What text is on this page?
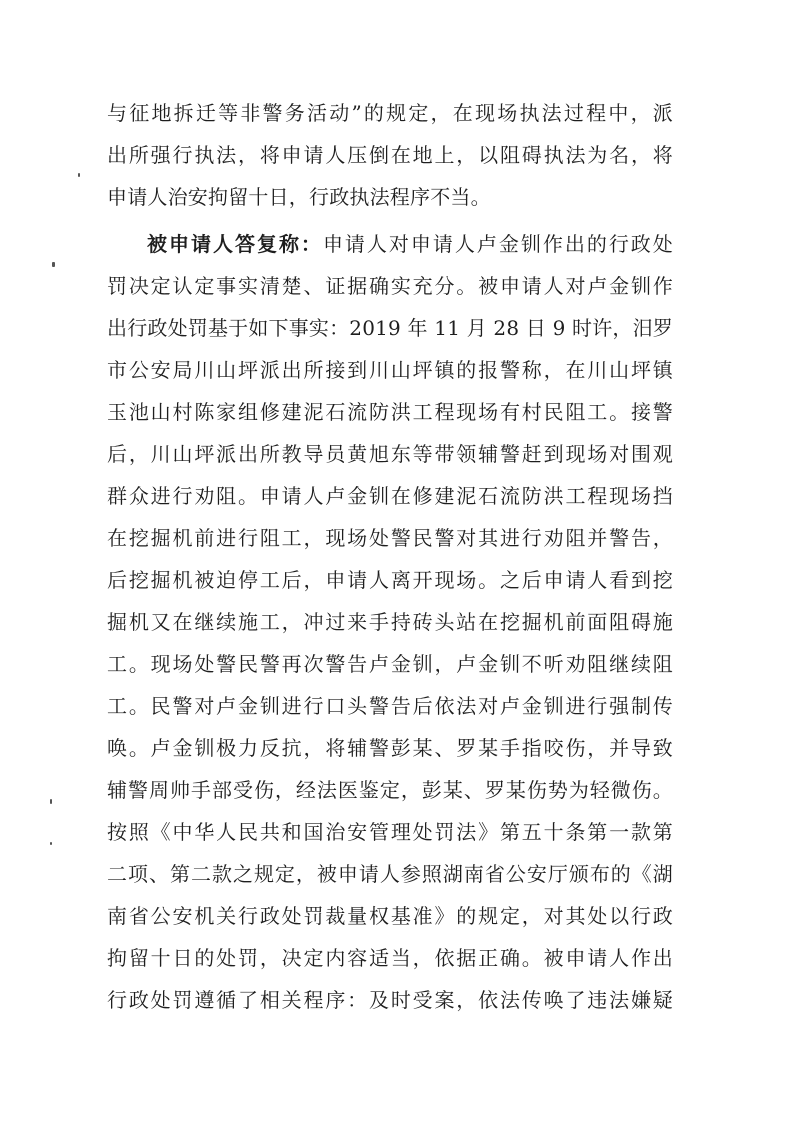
与征地拆迁等非警务活动”的规定，在现场执法过程中，派
出所强行执法，将申请人压倒在地上，以阻碍执法为名，将
申请人治安拘留十日，行政执法程序不当。
被申请人答复称：申请人对申请人卢金钏作出的行政处
罚决定认定事实清楚、证据确实充分。被申请人对卢金钏作
出行政处罚基于如下事实：2019 年 11 月 28 日 9 时许，汨罗
市公安局川山坪派出所接到川山坪镇的报警称，在川山坪镇
玉池山村陈家组修建泥石流防洪工程现场有村民阻工。接警
后，川山坪派出所教导员黄旭东等带领辅警赶到现场对围观
群众进行劝阻。申请人卢金钏在修建泥石流防洪工程现场挡
在挖掘机前进行阻工，现场处警民警对其进行劝阻并警告，
后挖掘机被迫停工后，申请人离开现场。之后申请人看到挖
掘机又在继续施工，冲过来手持砖头站在挖掘机前面阻碍施
工。现场处警民警再次警告卢金钏，卢金钏不听劝阻继续阻
工。民警对卢金钏进行口头警告后依法对卢金钏进行强制传
唤。卢金钏极力反抗，将辅警彭某、罗某手指咬伤，并导致
辅警周帅手部受伤，经法医鉴定，彭某、罗某伤势为轻微伤。
按照《中华人民共和国治安管理处罚法》第五十条第一款第
二项、第二款之规定，被申请人参照湖南省公安厅颁布的《湖
南省公安机关行政处罚裁量权基准》的规定，对其处以行政
拘留十日的处罚，决定内容适当，依据正确。被申请人作出
行政处罚遵循了相关程序：及时受案，依法传唤了违法嫌疑
